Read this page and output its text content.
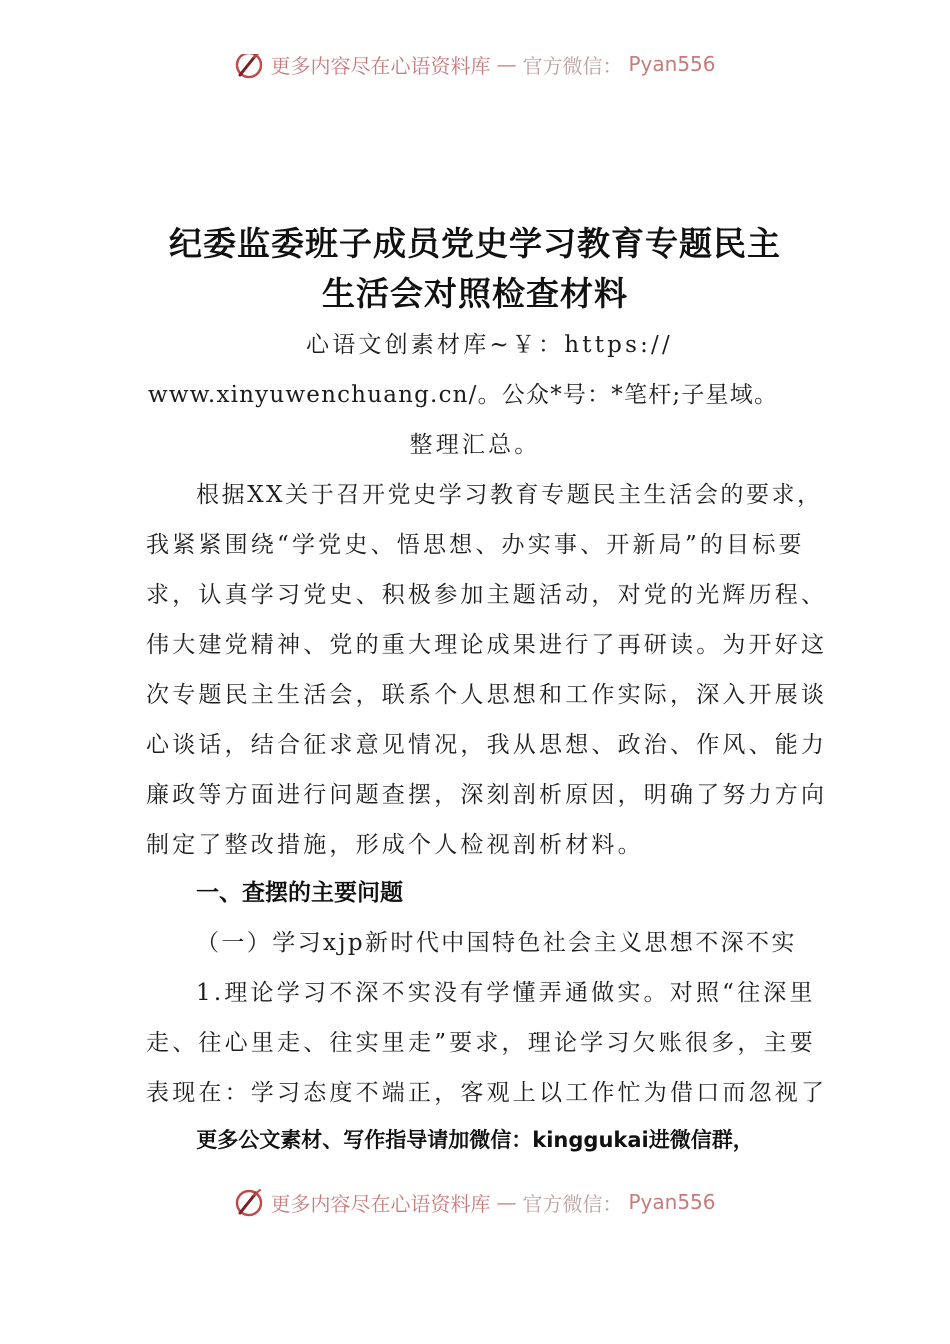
更多内容尽在心语资料库 — 官方微信： Pyan556
纪委监委班子成员党史学习教育专题民主
生活会对照检查材料
心语文创素材库~￥：https://
www.xinyuwenchuang.cn/。公众*号：*笔杆;子星域。
整理汇总。
根据XX关于召开党史学习教育专题民主生活会的要求，
我紧紧围绕“学党史、悟思想、办实事、开新局”的目标要
求，认真学习党史、积极参加主题活动，对党的光辉历程、
伟大建党精神、党的重大理论成果进行了再研读。为开好这
次专题民主生活会，联系个人思想和工作实际，深入开展谈
心谈话，结合征求意见情况，我从思想、政治、作风、能力
廉政等方面进行问题查摆，深刻剖析原因，明确了努力方向
制定了整改措施，形成个人检视剖析材料。
一、查摆的主要问题
（一）学习xjp新时代中国特色社会主义思想不深不实
1.理论学习不深不实没有学懂弄通做实。对照“往深里
走、往心里走、往实里走”要求，理论学习欠账很多，主要
表现在：学习态度不端正，客观上以工作忙为借口而忽视了
更多公文素材、写作指导请加微信：kinggukai进微信群，
更多内容尽在心语资料库 — 官方微信： Pyan556
